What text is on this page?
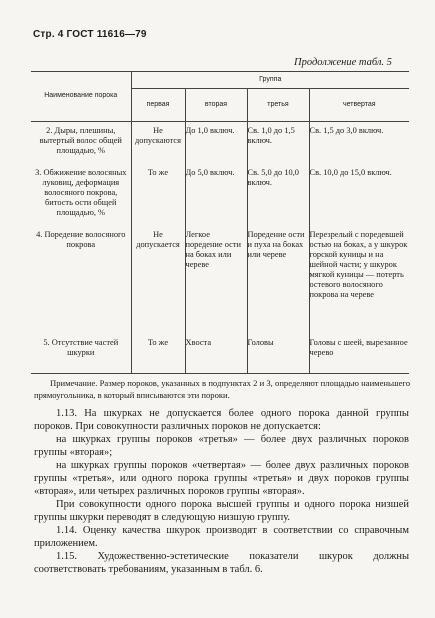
Стр. 4 ГОСТ 11616—79
Продолжение табл. 5
Наименование порока	Группа			
	первая	вторая	третья	четвертая
2. Дыры, плешины, вытертый волос общей площадью, %	Не допускаются	До 1,0 включ.	Св. 1,0 до 1,5 включ.	Св. 1,5 до 3,0 включ.
3. Обжижение волосяных луковиц, деформация волосяного покрова, битость ости общей площадью, %	То же	До 5,0 включ.	Св. 5,0 до 10,0 включ.	Св. 10,0 до 15,0 включ.
4. Поредение волосяного покрова	Не допускается	Легкое поредение ости на боках или череве	Поредение ости и пуха на боках или череве	Перезрелый с поредевшей остью на боках, а у шкурок горской куницы и на шейной части; у шкурок мягкой куницы — потерть остевого волосяного покрова на череве
5. Отсутствие частей шкурки	То же	Хвоста	Головы	Головы с шеей, вырезанное черево
Примечание. Размер пороков, указанных в подпунктах 2 и 3, определяют площадью наименьшего прямоугольника, в который вписываются эти пороки.

1.13. На шкурках не допускается более одного порока данной группы пороков. При совокупности различных пороков не допускается:

на шкурках группы пороков «третья» — более двух различных пороков группы «вторая»;

на шкурках группы пороков «четвертая» — более двух различных пороков группы «третья», или одного порока группы «третья» и двух пороков группы «вторая», или четырех различных пороков группы «вторая».

При совокупности одного порока высшей группы и одного порока низшей группы шкурки переводят в следующую низшую группу.

1.14. Оценку качества шкурок производят в соответствии со справочным приложением.

1.15. Художественно-эстетические показатели шкурок должны соответствовать требованиям, указанным в табл. 6.
